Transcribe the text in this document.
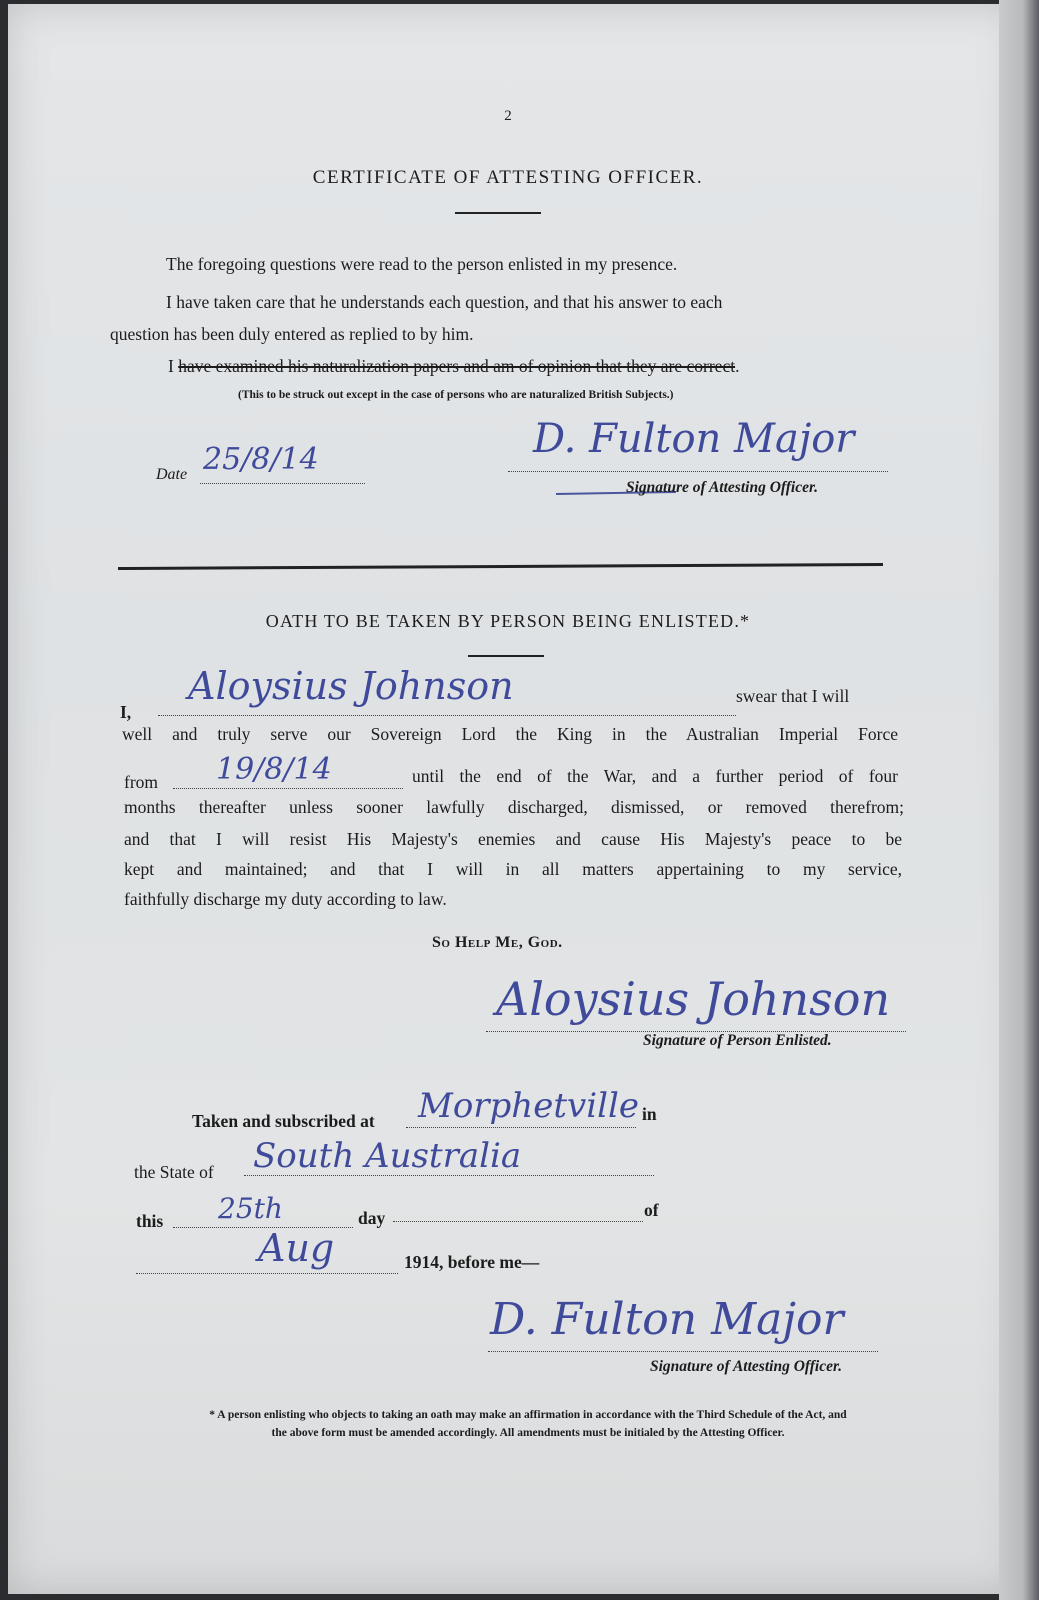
2
CERTIFICATE OF ATTESTING OFFICER.
The foregoing questions were read to the person enlisted in my presence.
I have taken care that he understands each question, and that his answer to each
question has been duly entered as replied to by him.
I have examined his naturalization papers and am of opinion that they are correct.
(This to be struck out except in the case of persons who are naturalized British Subjects.)
Date 25/8/14	D. Fulton Major
Signature of Attesting Officer.
OATH TO BE TAKEN BY PERSON BEING ENLISTED.*
I,
Aloysius Johnson	swear that I will
well and truly serve our Sovereign Lord the King in the Australian Imperial Force
from 19/8/14	until the end of the War, and a further period of four
months thereafter unless sooner lawfully discharged, dismissed, or removed therefrom;
and that I will resist His Majesty's enemies and cause His Majesty's peace to be
kept and maintained; and that I will in all matters appertaining to my service,
faithfully discharge my duty according to law.
So Help Me, God.
Aloysius Johnson
Signature of Person Enlisted.
Taken and subscribed at Morphetville in
the State of South Australia
this 25th	day	of
Aug	1914, before me—
D. Fulton Major
Signature of Attesting Officer.
* A person enlisting who objects to taking an oath may make an affirmation in accordance with the Third Schedule of the Act, and
the above form must be amended accordingly. All amendments must be initialed by the Attesting Officer.
